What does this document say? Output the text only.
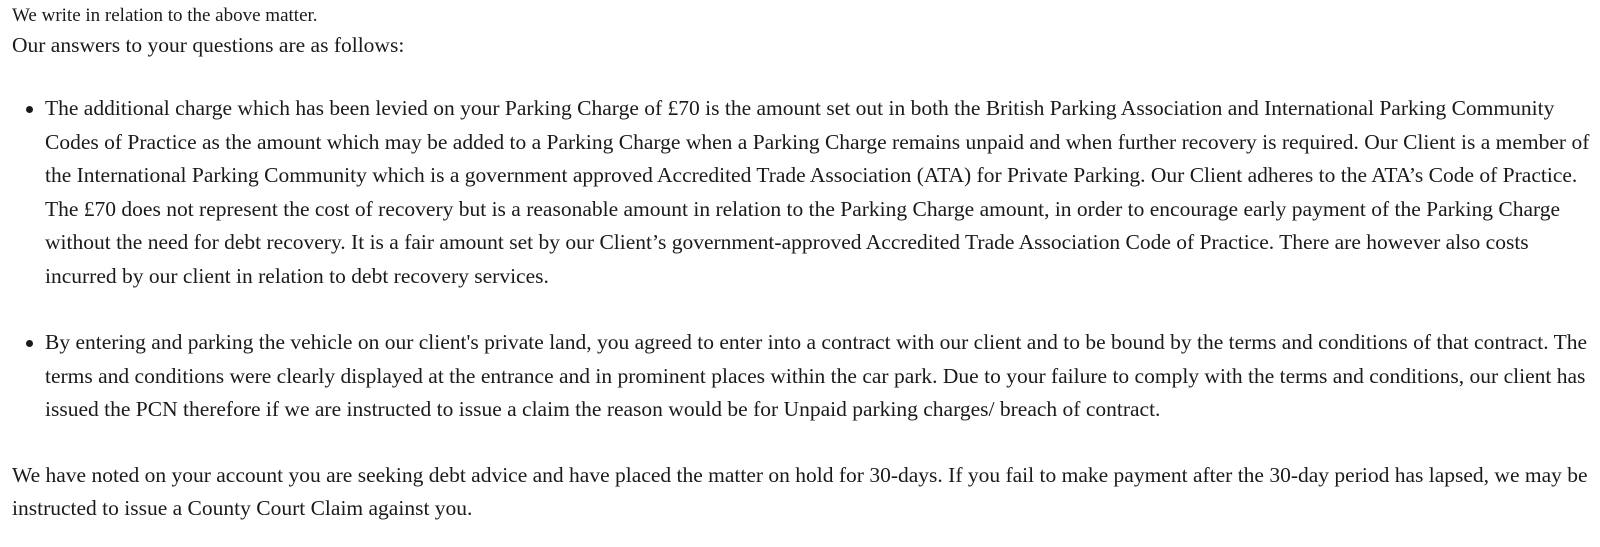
We write in relation to the above matter.

Our answers to your questions are as follows:

The additional charge which has been levied on your Parking Charge of £70 is the amount set out in both the British Parking Association and International Parking Community Codes of Practice as the amount which may be added to a Parking Charge when a Parking Charge remains unpaid and when further recovery is required. Our Client is a member of the International Parking Community which is a government approved Accredited Trade Association (ATA) for Private Parking. Our Client adheres to the ATA’s Code of Practice. The £70 does not represent the cost of recovery but is a reasonable amount in relation to the Parking Charge amount, in order to encourage early payment of the Parking Charge without the need for debt recovery. It is a fair amount set by our Client’s government-approved Accredited Trade Association Code of Practice. There are however also costs incurred by our client in relation to debt recovery services.
By entering and parking the vehicle on our client's private land, you agreed to enter into a contract with our client and to be bound by the terms and conditions of that contract. The terms and conditions were clearly displayed at the entrance and in prominent places within the car park. Due to your failure to comply with the terms and conditions, our client has issued the PCN therefore if we are instructed to issue a claim the reason would be for Unpaid parking charges/ breach of contract.

We have noted on your account you are seeking debt advice and have placed the matter on hold for 30-days. If you fail to make payment after the 30-day period has lapsed, we may be instructed to issue a County Court Claim against you.
